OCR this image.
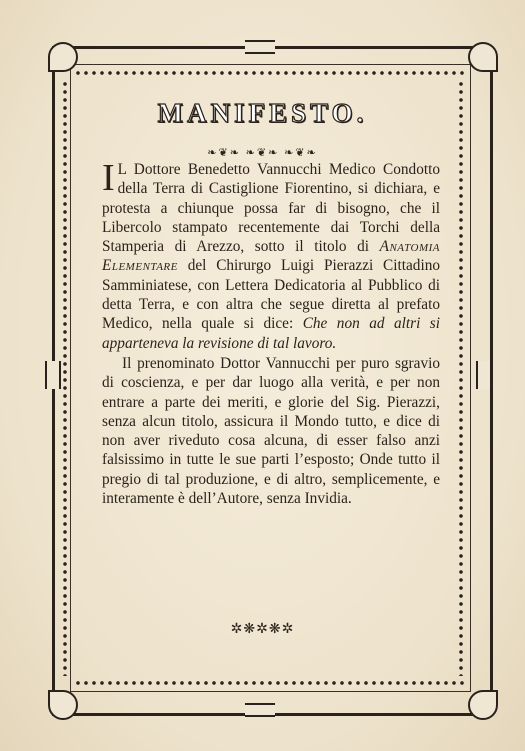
MANIFESTO.
❧❦❧ ❧❦❧ ❧❦❧

I L Dottore Benedetto Vannucchi Medico Condotto della Terra di Castiglione Fiorentino, si dichiara, e protesta a chiunque possa far di bisogno, che il Libercolo stampato recentemente dai Torchi della Stamperia di Arezzo, sotto il titolo di Anatomia Elementare del Chirurgo Luigi Pierazzi Cittadino Samminiatese, con Lettera Dedicatoria al Pubblico di detta Terra, e con altra che segue diretta al prefato Medico, nella quale si dice: Che non ad altri si apparteneva la revisione di tal lavoro.

Il prenominato Dottor Vannucchi per puro sgravio di coscienza, e per dar luogo alla verità, e per non entrare a parte dei meriti, e glorie del Sig. Pierazzi, senza alcun titolo, assicura il Mondo tutto, e dice di non aver riveduto cosa alcuna, di esser falso anzi falsissimo in tutte le sue parti l’esposto; Onde tutto il pregio di tal produzione, e di altro, semplicemente, e interamente è dell’Autore, senza Invidia.

✲❋✲❋✲
